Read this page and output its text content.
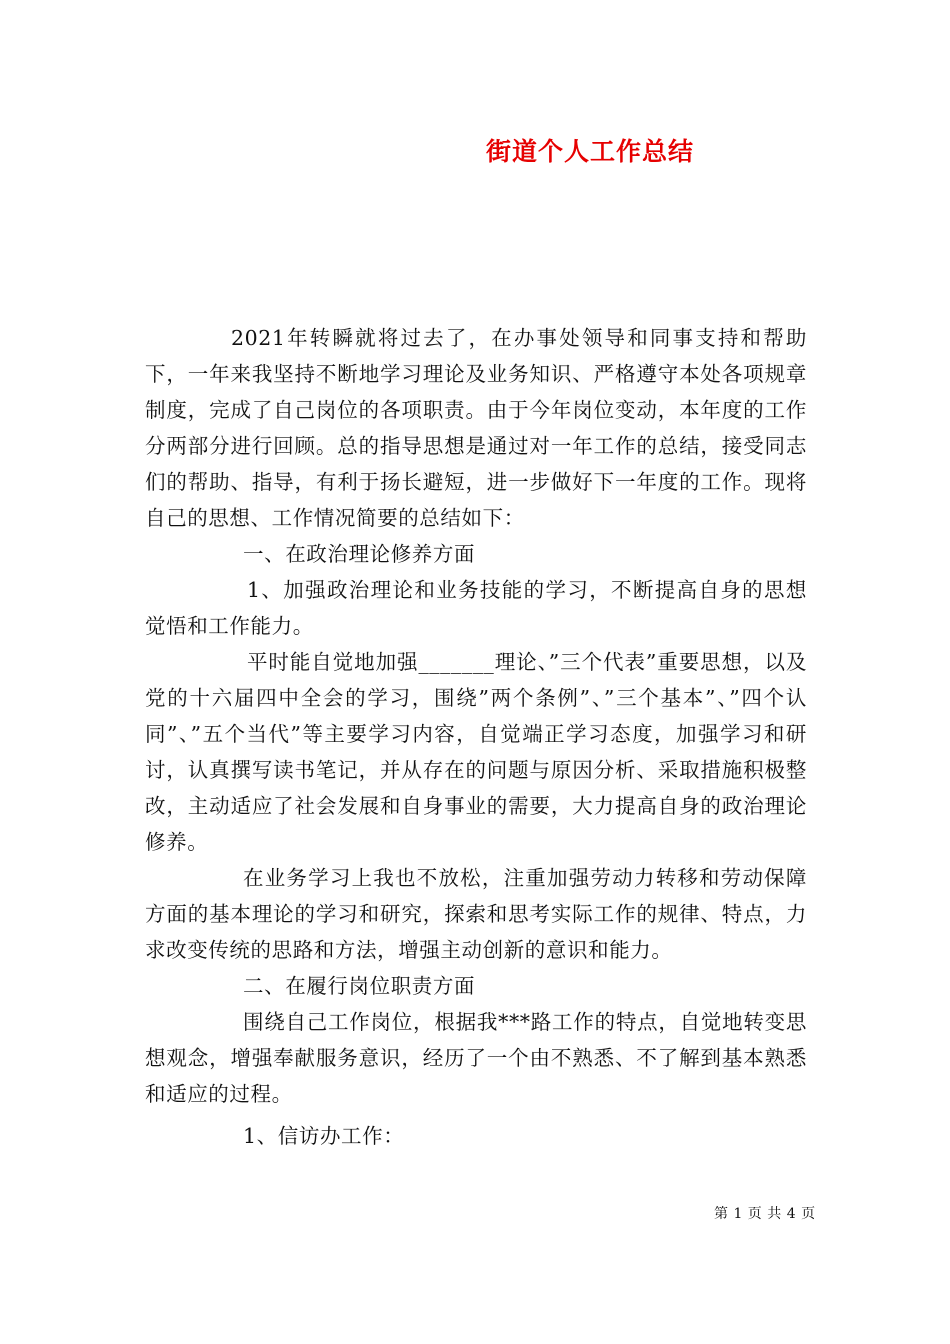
街道个人工作总结

2021年转瞬就将过去了，在办事处领导和同事支持和帮助下，一年来我坚持不断地学习理论及业务知识、严格遵守本处各项规章制度，完成了自己岗位的各项职责。由于今年岗位变动，本年度的工作分两部分进行回顾。总的指导思想是通过对一年工作的总结，接受同志们的帮助、指导，有利于扬长避短，进一步做好下一年度的工作。现将自己的思想、工作情况简要的总结如下：

一、在政治理论修养方面

1、加强政治理论和业务技能的学习，不断提高自身的思想觉悟和工作能力。

平时能自觉地加强_______理论、”三个代表”重要思想，以及党的十六届四中全会的学习，围绕”两个条例”、”三个基本”、”四个认同”、”五个当代”等主要学习内容，自觉端正学习态度，加强学习和研讨，认真撰写读书笔记，并从存在的问题与原因分析、采取措施积极整改，主动适应了社会发展和自身事业的需要，大力提高自身的政治理论修养。

在业务学习上我也不放松，注重加强劳动力转移和劳动保障方面的基本理论的学习和研究，探索和思考实际工作的规律、特点，力求改变传统的思路和方法，增强主动创新的意识和能力。

二、在履行岗位职责方面

围绕自己工作岗位，根据我***路工作的特点，自觉地转变思想观念，增强奉献服务意识，经历了一个由不熟悉、不了解到基本熟悉和适应的过程。

1、信访办工作：

第 1 页 共 4 页
